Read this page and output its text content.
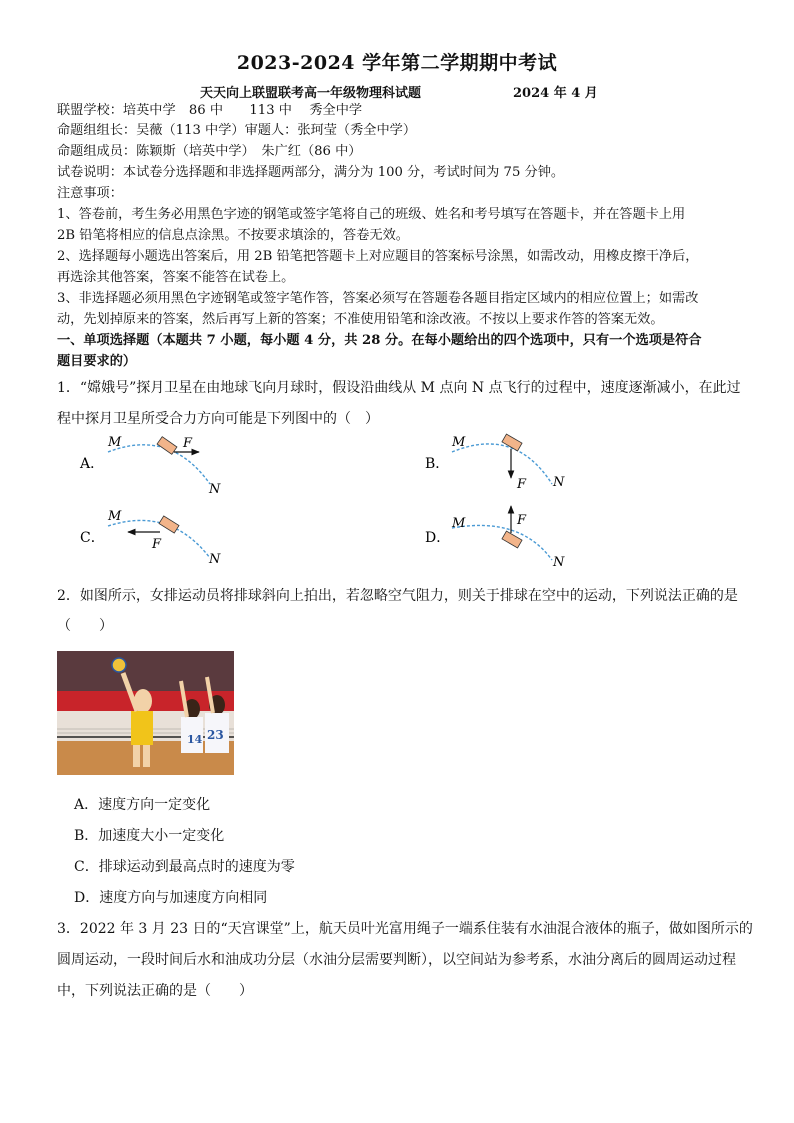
2023-2024 学年第二学期期中考试
天天向上联盟联考高一年级物理科试题	2024 年 4 月
联盟学校：培英中学　86 中　　113 中　 秀全中学
命题组组长：吴薇（113 中学）审题人：张珂莹（秀全中学）
命题组成员：陈颖斯（培英中学）　朱广红（86 中）
试卷说明：本试卷分选择题和非选择题两部分，满分为 100 分，考试时间为 75 分钟。
注意事项：
1、答卷前，考生务必用黑色字迹的钢笔或签字笔将自己的班级、姓名和考号填写在答题卡，并在答题卡上用
2B 铅笔将相应的信息点涂黑。不按要求填涂的，答卷无效。
2、选择题每小题选出答案后，用 2B 铅笔把答题卡上对应题目的答案标号涂黑，如需改动，用橡皮擦干净后，
再选涂其他答案，答案不能答在试卷上。
3、非选择题必须用黑色字迹钢笔或签字笔作答，答案必须写在答题卷各题目指定区域内的相应位置上；如需改
动，先划掉原来的答案，然后再写上新的答案；不准使用铅笔和涂改液。不按以上要求作答的答案无效。
一、单项选择题（本题共 7 小题，每小题 4 分，共 28 分。在每小题给出的四个选项中，只有一个选项是符合
题目要求的）
1．“嫦娥号”探月卫星在由地球飞向月球时，假设沿曲线从 M 点向 N 点飞行的过程中，速度逐渐减小，在此过
程中探月卫星所受合力方向可能是下列图中的（　）
A．
F
M
N
B．
F
M
N
C．	F
M
N
D．
F
M
N
2．如图所示，女排运动员将排球斜向上拍出，若忽略空气阻力，则关于排球在空中的运动，下列说法正确的是
（　　）
14 23
A．速度方向一定变化
B．加速度大小一定变化
C．排球运动到最高点时的速度为零
D．速度方向与加速度方向相同
3．2022 年 3 月 23 日的“天宫课堂”上，航天员叶光富用绳子一端系住装有水油混合液体的瓶子，做如图所示的
圆周运动，一段时间后水和油成功分层（水油分层需要判断），以空间站为参考系，水油分离后的圆周运动过程
中，下列说法正确的是（　　）
